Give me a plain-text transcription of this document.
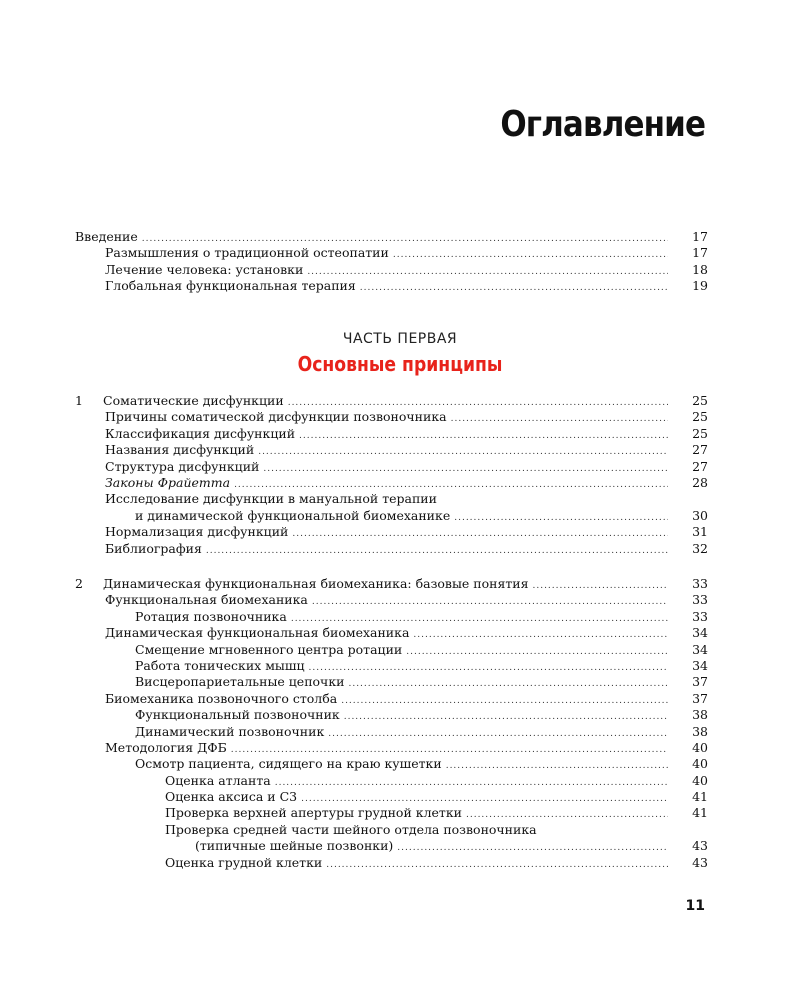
Оглавление
Введение .....	17
Размышления о традиционной остеопатии .....	17
Лечение человека: установки .....	18
Глобальная функциональная терапия .....	19
ЧАСТЬ ПЕРВАЯ
Основные принципы
1 Соматические дисфункции .....	25
Причины соматической дисфункции позвоночника .....	25
Классификация дисфункций .....	25
Названия дисфункций .....	27
Структура дисфункций .....	27
Законы Фрайетта .....	28
Исследование дисфункции в мануальной терапии
и динамической функциональной биомеханике .....	30
Нормализация дисфункций .....	31
Библиография .....	32
2 Динамическая функциональная биомеханика: базовые понятия .....	33
Функциональная биомеханика .....	33
Ротация позвоночника .....	33
Динамическая функциональная биомеханика .....	34
Смещение мгновенного центра ротации .....	34
Работа тонических мышц .....	34
Висцеропариетальные цепочки .....	37
Биомеханика позвоночного столба .....	37
Функциональный позвоночник .....	38
Динамический позвоночник .....	38
Методология ДФБ .....	40
Осмотр пациента, сидящего на краю кушетки .....	40
Оценка атланта .....	40
Оценка аксиса и С3 .....	41
Проверка верхней апертуры грудной клетки .....	41
Проверка средней части шейного отдела позвоночника
(типичные шейные позвонки) .....	43
Оценка грудной клетки .....	43
11
